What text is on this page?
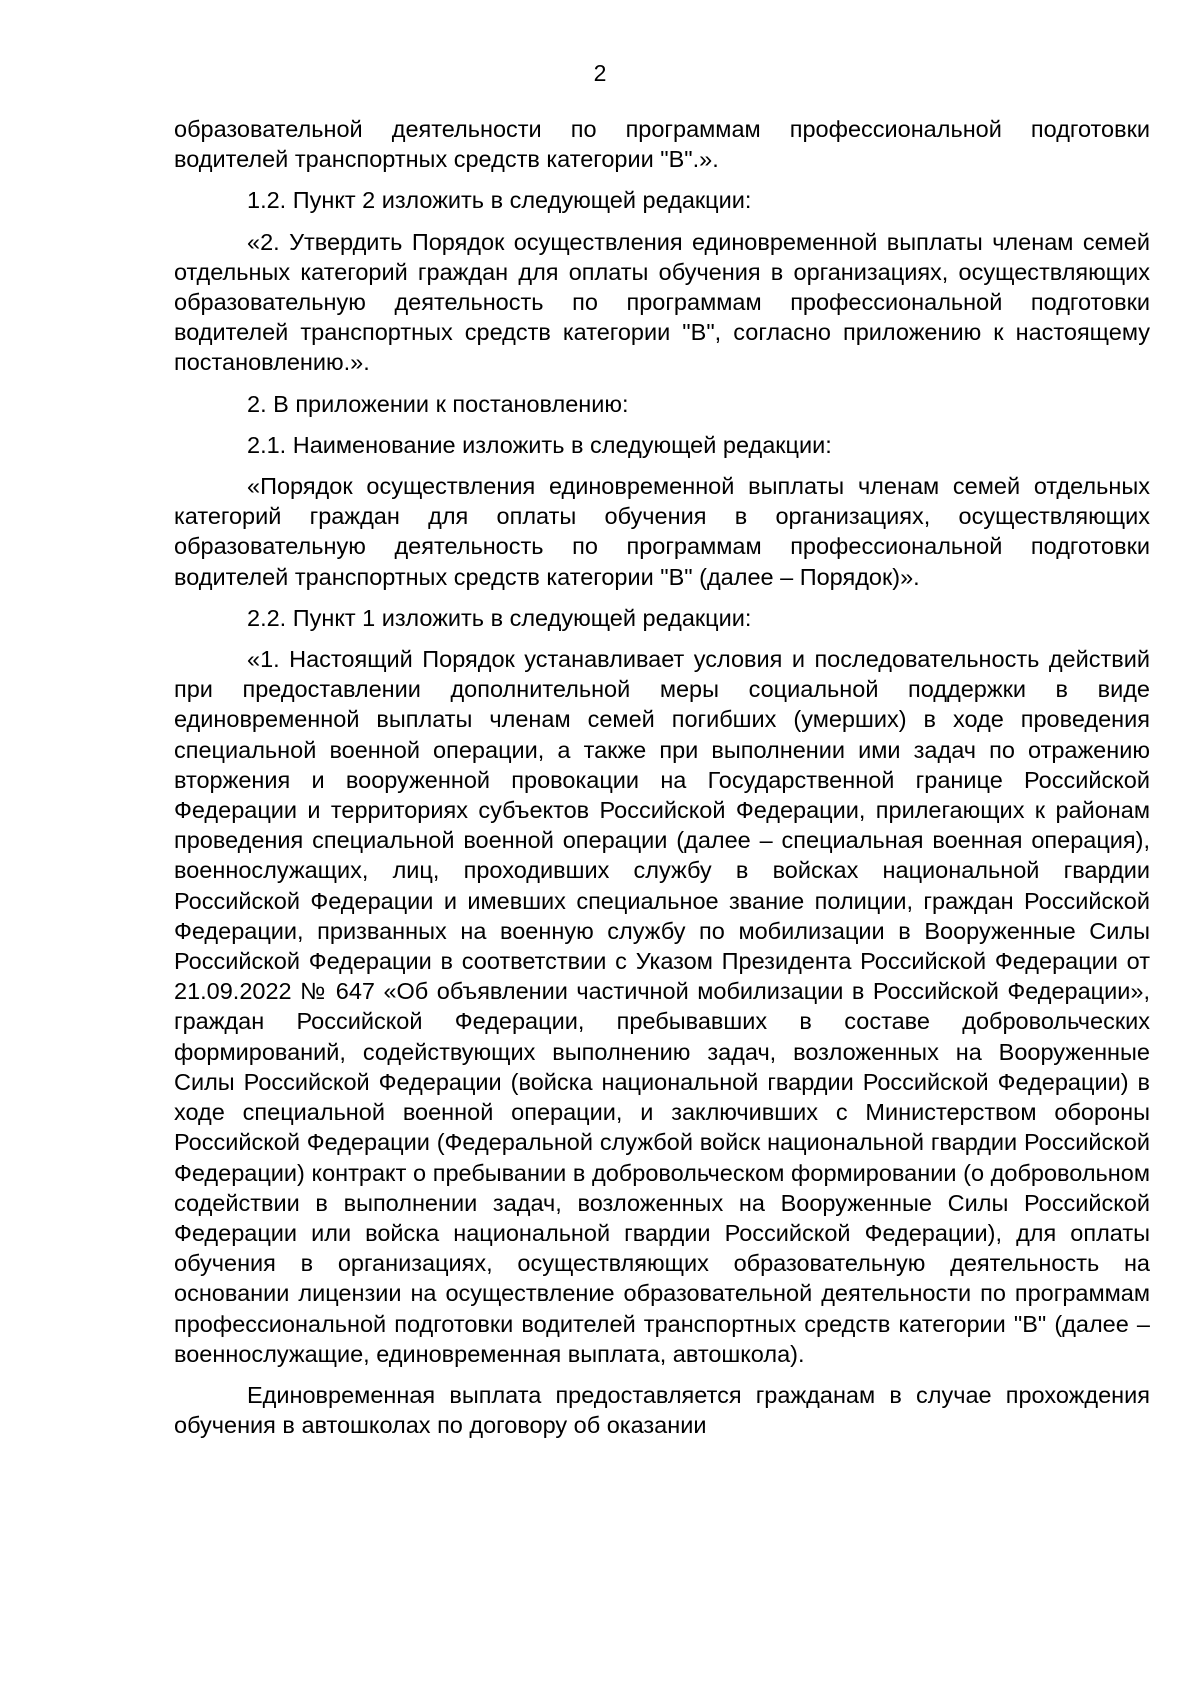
2

образовательной деятельности по программам профессиональной подготовки водителей транспортных средств категории "В".».

1.2. Пункт 2 изложить в следующей редакции:

«2. Утвердить Порядок осуществления единовременной выплаты членам семей отдельных категорий граждан для оплаты обучения в организациях, осуществляющих образовательную деятельность по программам профессиональной подготовки водителей транспортных средств категории "В", согласно приложению к настоящему постановлению.».

2. В приложении к постановлению:

2.1. Наименование изложить в следующей редакции:

«Порядок осуществления единовременной выплаты членам семей отдельных категорий граждан для оплаты обучения в организациях, осуществляющих образовательную деятельность по программам профессиональной подготовки водителей транспортных средств категории "В" (далее – Порядок)».

2.2. Пункт 1 изложить в следующей редакции:

«1. Настоящий Порядок устанавливает условия и последовательность действий при предоставлении дополнительной меры социальной поддержки в виде единовременной выплаты членам семей погибших (умерших) в ходе проведения специальной военной операции, а также при выполнении ими задач по отражению вторжения и вооруженной провокации на Государственной границе Российской Федерации и территориях субъектов Российской Федерации, прилегающих к районам проведения специальной военной операции (далее – специальная военная операция), военнослужащих, лиц, проходивших службу в войсках национальной гвардии Российской Федерации и имевших специальное звание полиции, граждан Российской Федерации, призванных на военную службу по мобилизации в Вооруженные Силы Российской Федерации в соответствии с Указом Президента Российской Федерации от 21.09.2022 № 647 «Об объявлении частичной мобилизации в Российской Федерации», граждан Российской Федерации, пребывавших в составе добровольческих формирований, содействующих выполнению задач, возложенных на Вооруженные Силы Российской Федерации (войска национальной гвардии Российской Федерации) в ходе специальной военной операции, и заключивших с Министерством обороны Российской Федерации (Федеральной службой войск национальной гвардии Российской Федерации) контракт о пребывании в добровольческом формировании (о добровольном содействии в выполнении задач, возложенных на Вооруженные Силы Российской Федерации или войска национальной гвардии Российской Федерации), для оплаты обучения в организациях, осуществляющих образовательную деятельность на основании лицензии на осуществление образовательной деятельности по программам профессиональной подготовки водителей транспортных средств категории "В" (далее – военнослужащие, единовременная выплата, автошкола).

Единовременная выплата предоставляется гражданам в случае прохождения обучения в автошколах по договору об оказании
